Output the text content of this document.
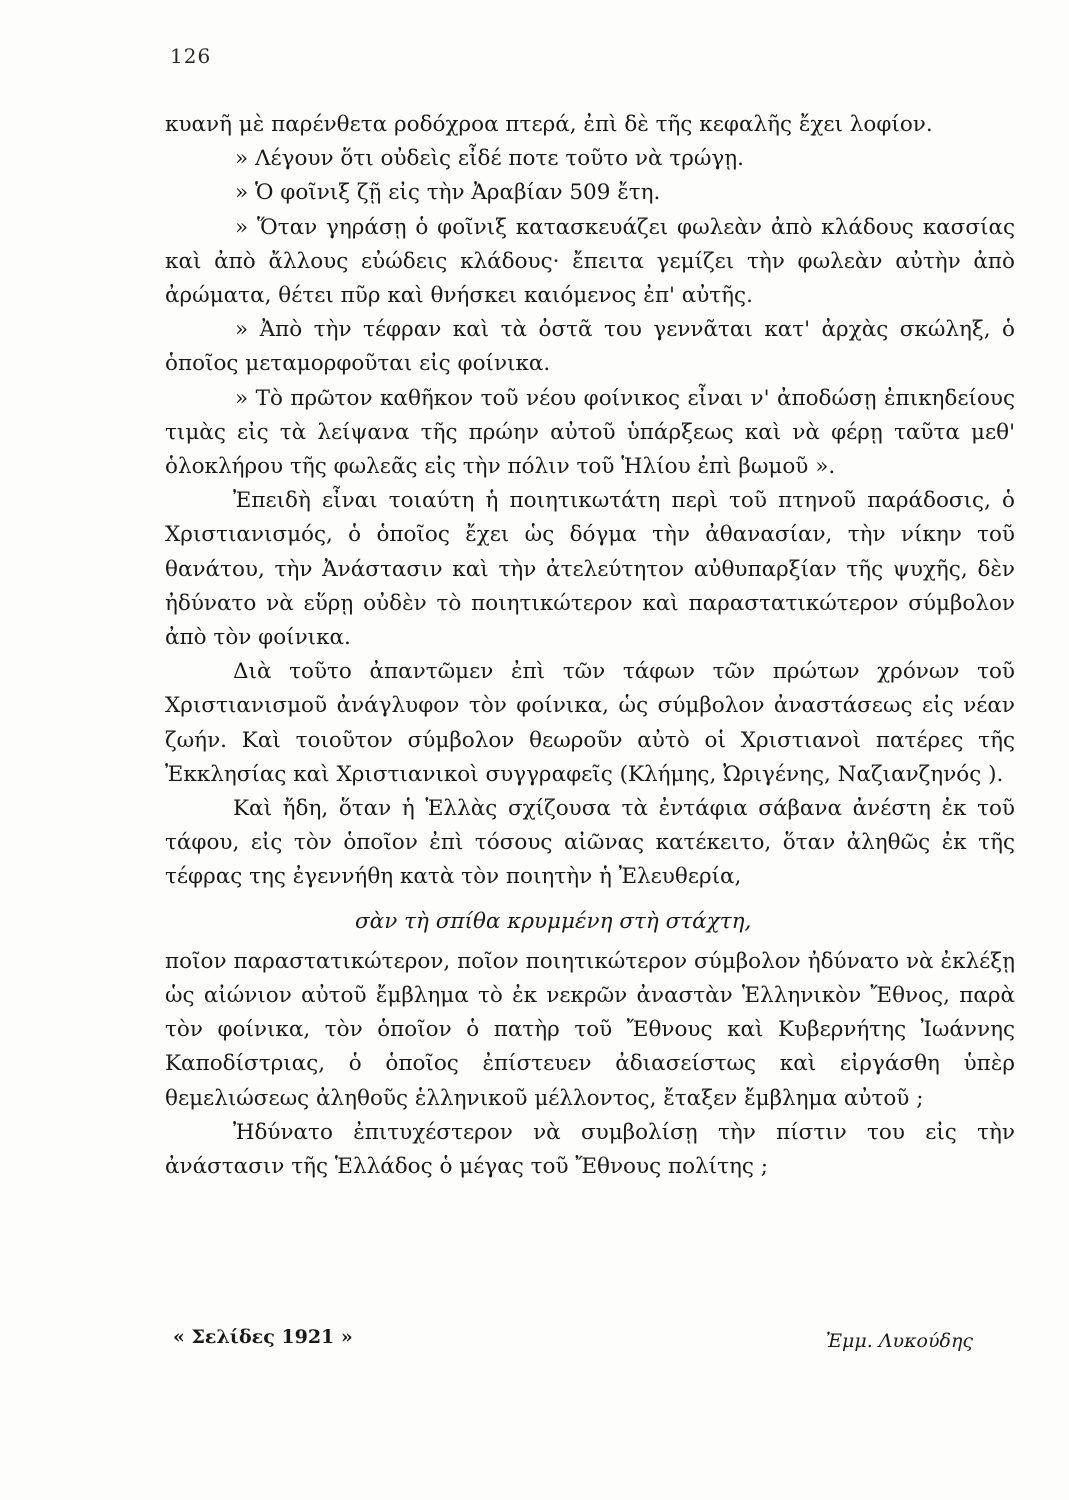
126

κυανῆ μὲ παρένθετα ροδόχροα πτερά, ἐπὶ δὲ τῆς κεφαλῆς ἔχει λοφίον.

» Λέγουν ὅτι οὐδεὶς εἶδέ ποτε τοῦτο νὰ τρώγῃ.

» Ὁ φοῖνιξ ζῇ εἰς τὴν Ἀραβίαν 509 ἔτη.

» Ὅταν γηράσῃ ὁ φοῖνιξ κατασκευάζει φωλεὰν ἀπὸ κλάδους κασσίας καὶ ἀπὸ ἄλλους εὐώδεις κλάδους· ἔπειτα γεμίζει τὴν φωλεὰν αὐτὴν ἀπὸ ἀρώματα, θέτει πῦρ καὶ θνήσκει καιόμενος ἐπ' αὐτῆς.

» Ἀπὸ τὴν τέφραν καὶ τὰ ὀστᾶ του γεννᾶται κατ' ἀρχὰς σκώληξ, ὁ ὁποῖος μεταμορφοῦται εἰς φοίνικα.

» Τὸ πρῶτον καθῆκον τοῦ νέου φοίνικος εἶναι ν' ἀποδώσῃ ἐπικηδείους τιμὰς εἰς τὰ λείψανα τῆς πρώην αὐτοῦ ὑπάρξεως καὶ νὰ φέρῃ ταῦτα μεθ' ὁλοκλήρου τῆς φωλεᾶς εἰς τὴν πόλιν τοῦ Ἡλίου ἐπὶ βωμοῦ ».

Ἐπειδὴ εἶναι τοιαύτη ἡ ποιητικωτάτη περὶ τοῦ πτηνοῦ παράδοσις, ὁ Χριστιανισμός, ὁ ὁποῖος ἔχει ὡς δόγμα τὴν ἀθανασίαν, τὴν νίκην τοῦ θανάτου, τὴν Ἀνάστασιν καὶ τὴν ἀτελεύτητον αὐθυπαρξίαν τῆς ψυχῆς, δὲν ἠδύνατο νὰ εὕρῃ οὐδὲν τὸ ποιητικώτερον καὶ παραστατικώτερον σύμβολον ἀπὸ τὸν φοίνικα.

Διὰ τοῦτο ἀπαντῶμεν ἐπὶ τῶν τάφων τῶν πρώτων χρόνων τοῦ Χριστιανισμοῦ ἀνάγλυφον τὸν φοίνικα, ὡς σύμβολον ἀναστάσεως εἰς νέαν ζωήν. Καὶ τοιοῦτον σύμβολον θεωροῦν αὐτὸ οἱ Χριστιανοὶ πατέρες τῆς Ἐκκλησίας καὶ Χριστιανικοὶ συγγραφεῖς (Κλήμης, Ὠριγένης, Ναζιανζηνός ).

Καὶ ἤδη, ὅταν ἡ Ἑλλὰς σχίζουσα τὰ ἐντάφια σάβανα ἀνέστη ἐκ τοῦ τάφου, εἰς τὸν ὁποῖον ἐπὶ τόσους αἰῶνας κατέκειτο, ὅταν ἀληθῶς ἐκ τῆς τέφρας της ἐγεννήθη κατὰ τὸν ποιητὴν ἡ Ἐλευθερία,

σὰν τὴ σπίθα κρυμμένη στὴ στάχτη,

ποῖον παραστατικώτερον, ποῖον ποιητικώτερον σύμβολον ἠδύνατο νὰ ἐκλέξῃ ὡς αἰώνιον αὐτοῦ ἔμβλημα τὸ ἐκ νεκρῶν ἀναστὰν Ἑλληνικὸν Ἔθνος, παρὰ τὸν φοίνικα, τὸν ὁποῖον ὁ πατὴρ τοῦ Ἔθνους καὶ Κυβερνήτης Ἰωάννης Καποδίστριας, ὁ ὁποῖος ἐπίστευεν ἀδιασείστως καὶ εἰργάσθη ὑπὲρ θεμελιώσεως ἀληθοῦς ἑλληνικοῦ μέλλοντος, ἔταξεν ἔμβλημα αὐτοῦ ;

Ἠδύνατο ἐπιτυχέστερον νὰ συμβολίσῃ τὴν πίστιν του εἰς τὴν ἀνάστασιν τῆς Ἑλλάδος ὁ μέγας τοῦ Ἔθνους πολίτης ;

« Σελίδες 1921 »	Ἐμμ. Λυκούδης
